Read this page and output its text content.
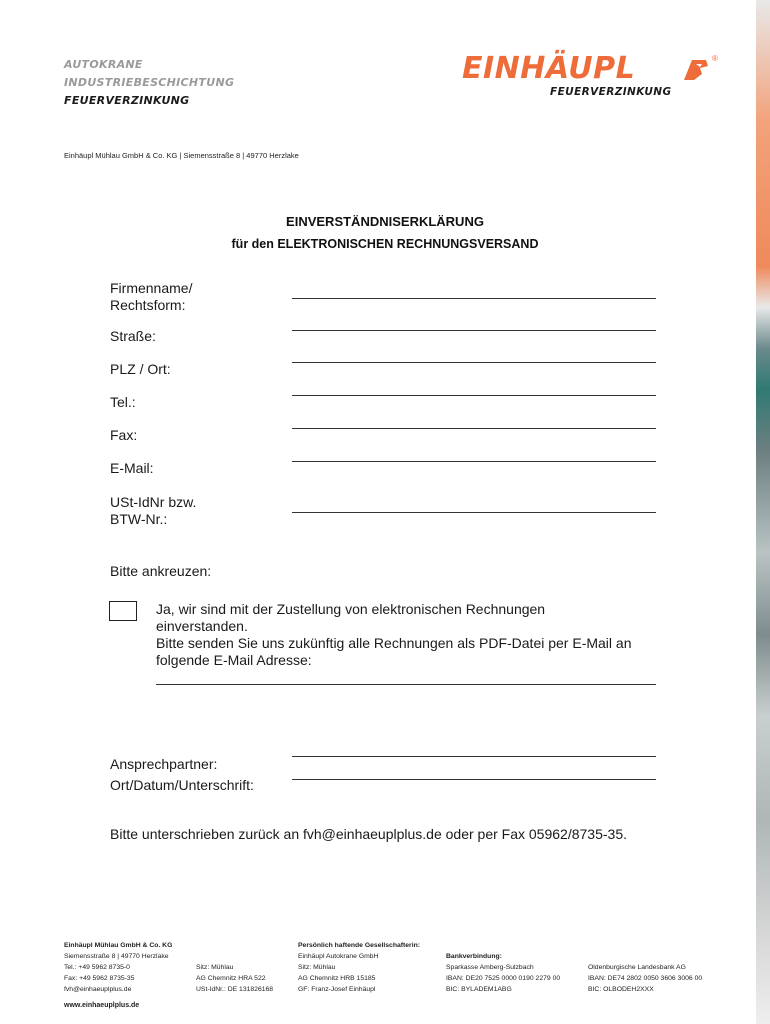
AUTOKRANE
INDUSTRIEBESCHICHTUNG
FEUERVERZINKUNG
EINHÄUPL	®
FEUERVERZINKUNG
Einhäupl Mühlau GmbH & Co. KG | Siemensstraße 8 | 49770 Herzlake
EINVERSTÄNDNISERKLÄRUNG
für den ELEKTRONISCHEN RECHNUNGSVERSAND
Firmenname/
Rechtsform:
Straße:
PLZ / Ort:
Tel.:
Fax:
E-Mail:
USt-IdNr bzw.
BTW-Nr.:
Bitte ankreuzen:
Ja, wir sind mit der Zustellung von elektronischen Rechnungen einverstanden.
Bitte senden Sie uns zukünftig alle Rechnungen als PDF-Datei per E-Mail an folgende E-Mail Adresse:
Ansprechpartner:
Ort/Datum/Unterschrift:
Bitte unterschrieben zurück an fvh@einhaeuplplus.de oder per Fax 05962/8735-35.
Einhäupl Mühlau GmbH & Co. KG
Siemensstraße 8 | 49770 Herzlake
Tel.: +49 5962 8735-0
Fax: +49 5962 8735-35
fvh@einhaeuplplus.de
Sitz: Mühlau
AG Chemnitz HRA 522
USt-IdNr.: DE 131826168
Persönlich haftende Gesellschafterin:
Einhäupl Autokrane GmbH
Sitz: Mühlau
AG Chemnitz HRB 15185
GF: Franz-Josef Einhäupl
Bankverbindung:
Sparkasse Amberg-Sulzbach
IBAN: DE20 7525 0000 0190 2279 00
BIC: BYLADEM1ABG
Oldenburgische Landesbank AG
IBAN: DE74 2802 0050 3606 3006 00
BIC: OLBODEH2XXX
www.einhaeuplplus.de
